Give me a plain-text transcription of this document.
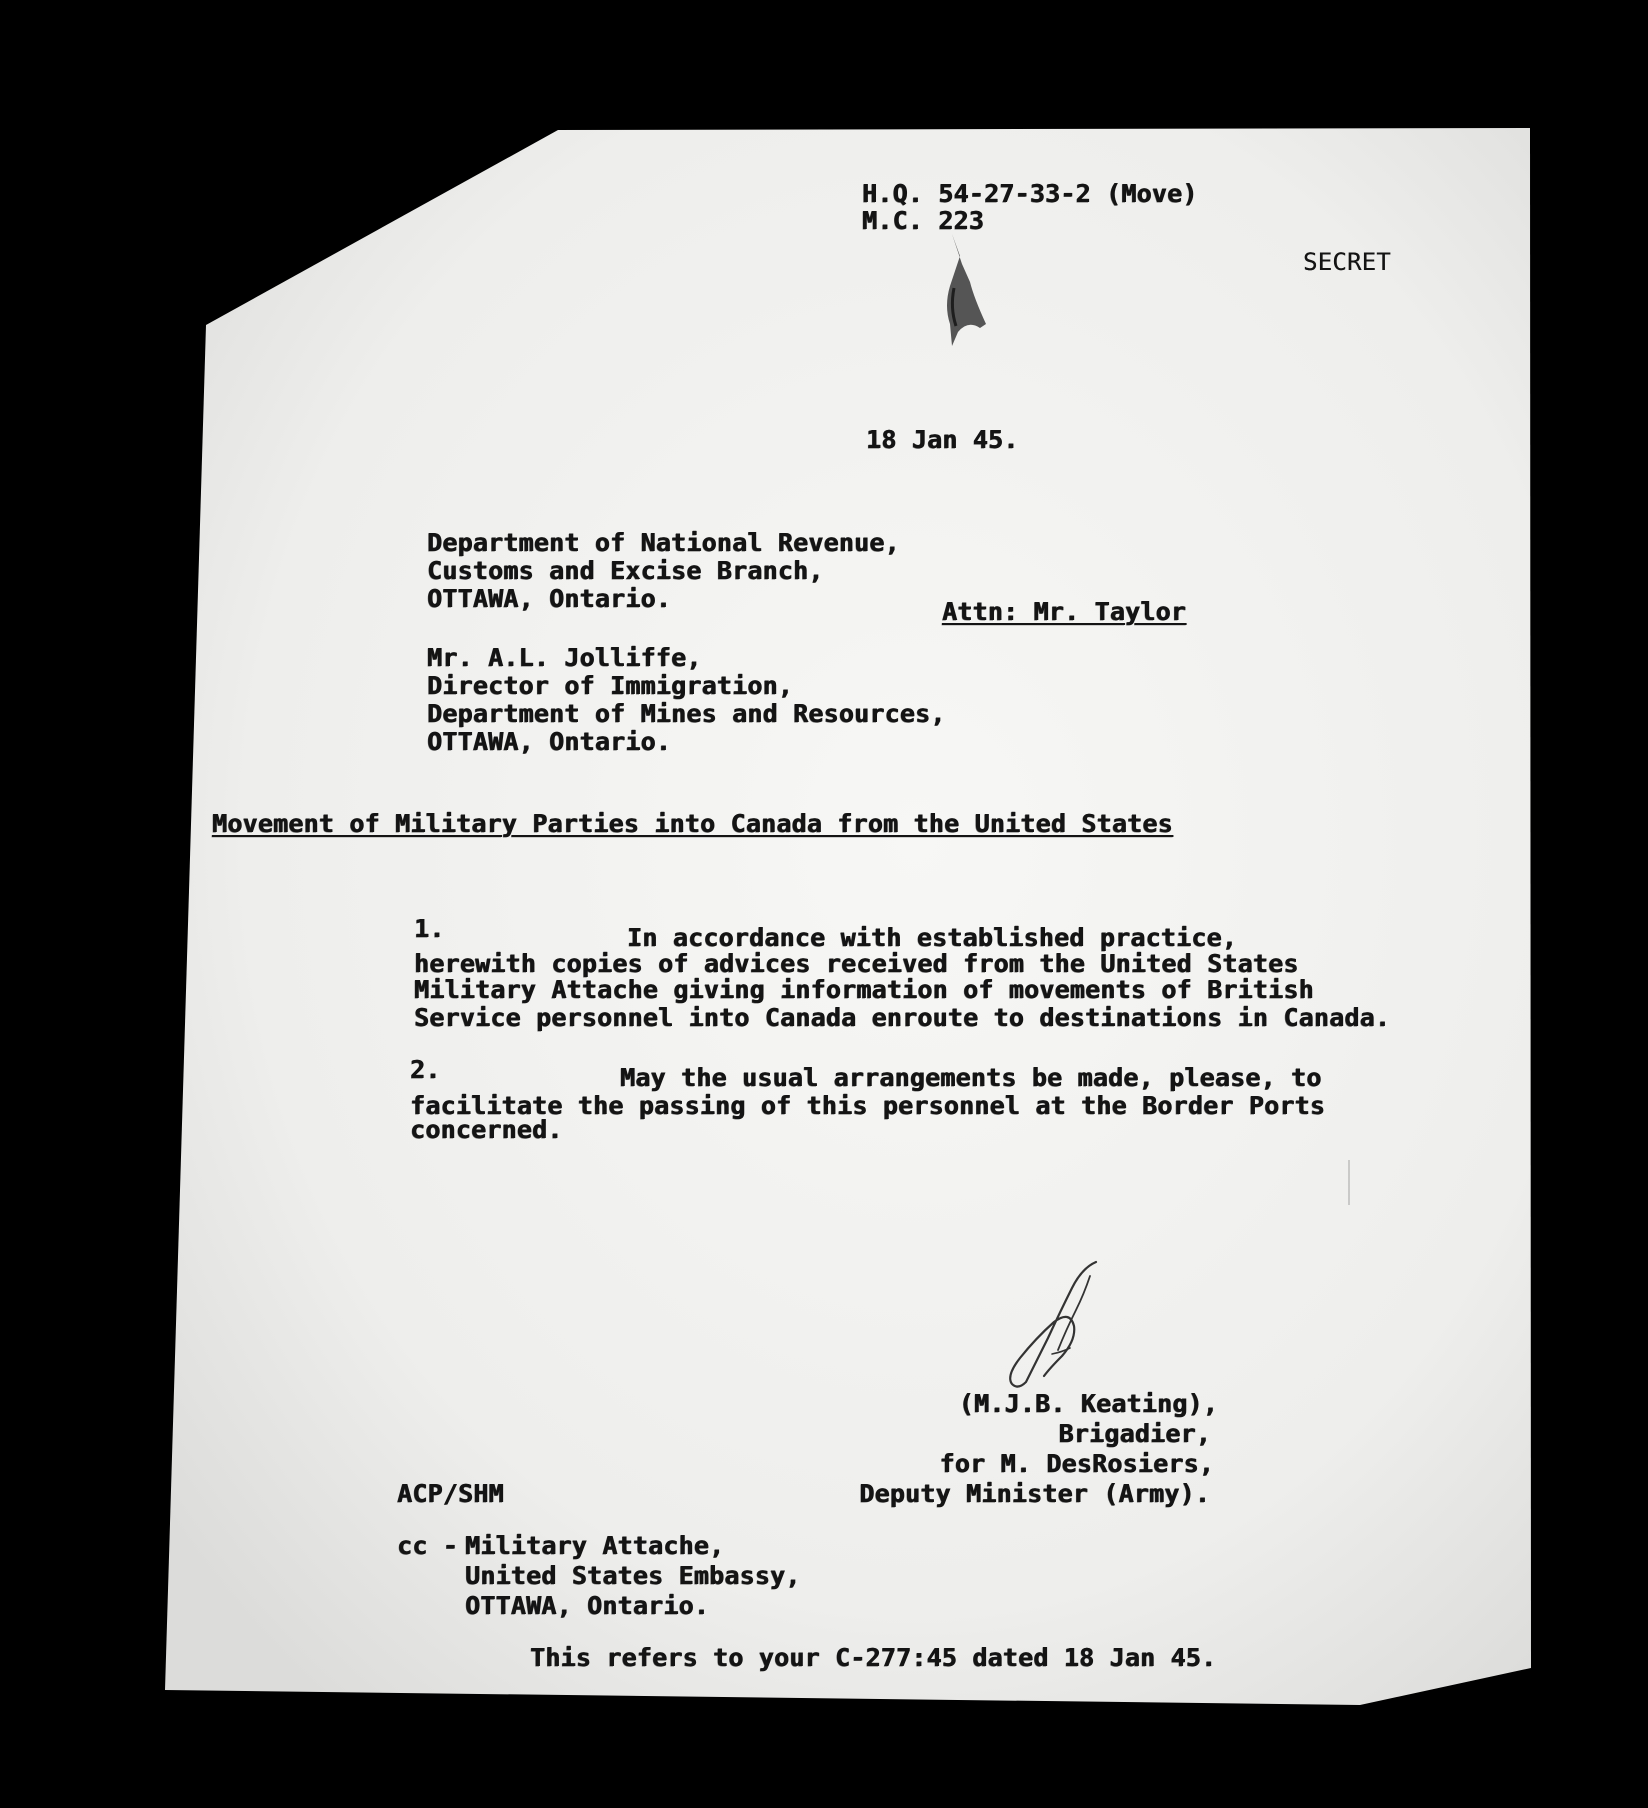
H.Q. 54-27-33-2 (Move)
M.C. 223
SECRET
18 Jan 45.
Department of National Revenue,
Customs and Excise Branch,
OTTAWA, Ontario.	Attn: Mr. Taylor
Mr. A.L. Jolliffe,
Director of Immigration,
Department of Mines and Resources,
OTTAWA, Ontario.
Movement of Military Parties into Canada from the United States
1.	In accordance with established practice,
herewith copies of advices received from the United States
Military Attache giving information of movements of British
Service personnel into Canada enroute to destinations in Canada.
2.	May the usual arrangements be made, please, to
facilitate the passing of this personnel at the Border Ports
concerned.
(M.J.B. Keating),
Brigadier,
for M. DesRosiers,
Deputy Minister (Army).
ACP/SHM
cc - Military Attache,
United States Embassy,
OTTAWA, Ontario.
This refers to your C-277:45 dated 18 Jan 45.
